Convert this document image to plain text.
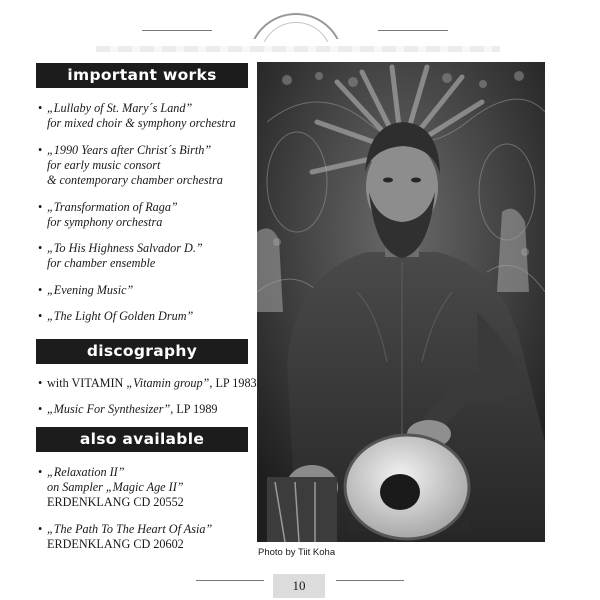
important works
• „Lullaby of St. Mary´s Land”
for mixed choir & symphony orchestra
• „1990 Years after Christ´s Birth”
for early music consort
& contemporary chamber orchestra
• „Transformation of Raga”
for symphony orchestra
• „To His Highness Salvador D.”
for chamber ensemble
• „Evening Music”
• „The Light Of Golden Drum”
discography
• with VITAMIN „Vitamin group”, LP 1983
• „Music For Synthesizer”, LP 1989
also available
• „Relaxation II”
on Sampler „Magic Age II”
ERDENKLANG CD 20552
• „The Path To The Heart Of Asia”
ERDENKLANG CD 20602
Photo by Tiit Koha
10
